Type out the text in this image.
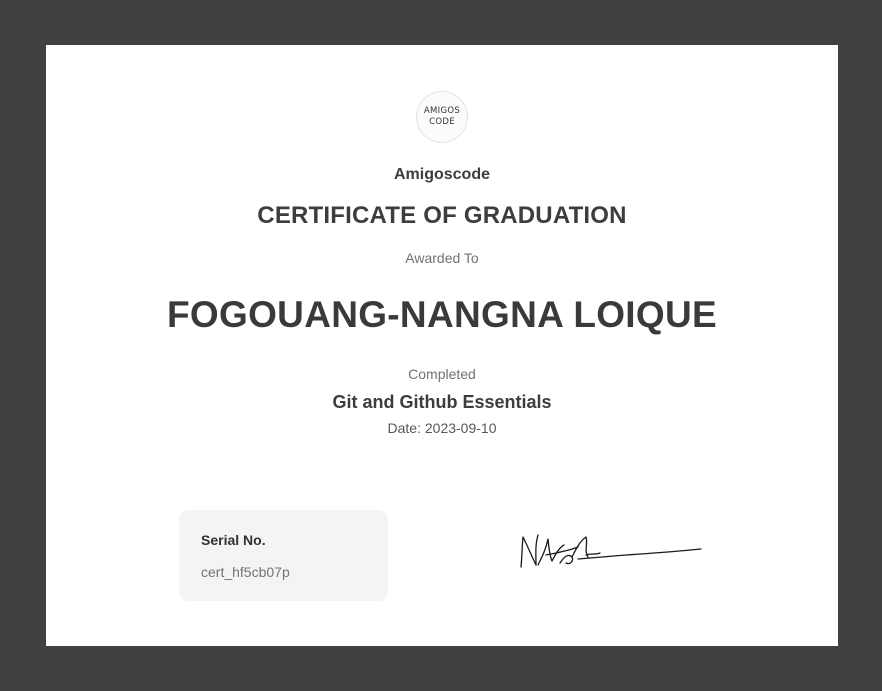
AMIGOS
CODE
Amigoscode
CERTIFICATE OF GRADUATION
Awarded To
FOGOUANG-NANGNA LOIQUE
Completed
Git and Github Essentials
Date: 2023-09-10
Serial No.
cert_hf5cb07p
